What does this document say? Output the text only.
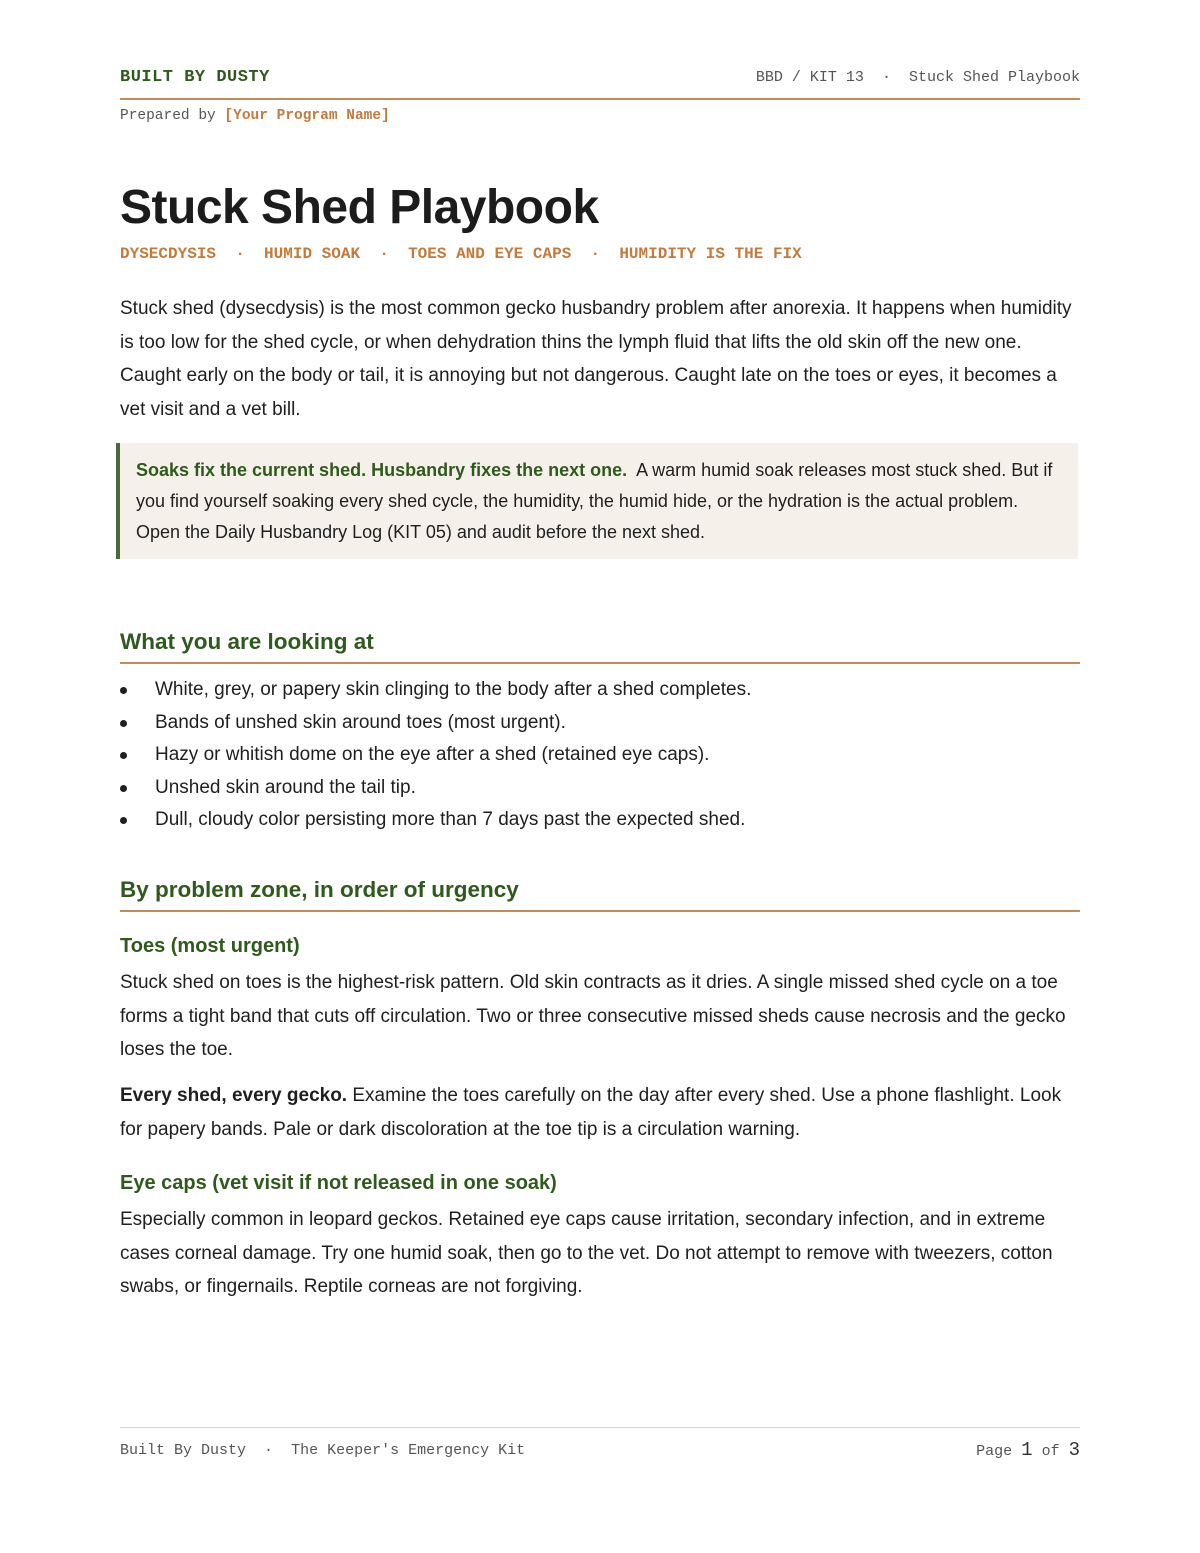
BUILT BY DUSTY	BBD / KIT 13 · Stuck Shed Playbook
Prepared by [Your Program Name]
Stuck Shed Playbook
DYSECDYSIS · HUMID SOAK · TOES AND EYE CAPS · HUMIDITY IS THE FIX

Stuck shed (dysecdysis) is the most common gecko husbandry problem after anorexia. It happens when humidity is too low for the shed cycle, or when dehydration thins the lymph fluid that lifts the old skin off the new one. Caught early on the body or tail, it is annoying but not dangerous. Caught late on the toes or eyes, it becomes a vet visit and a vet bill.

Soaks fix the current shed. Husbandry fixes the next one. A warm humid soak releases most stuck shed. But if you find yourself soaking every shed cycle, the humidity, the humid hide, or the hydration is the actual problem. Open the Daily Husbandry Log (KIT 05) and audit before the next shed.

What you are looking at
White, grey, or papery skin clinging to the body after a shed completes.
Bands of unshed skin around toes (most urgent).
Hazy or whitish dome on the eye after a shed (retained eye caps).
Unshed skin around the tail tip.
Dull, cloudy color persisting more than 7 days past the expected shed.
By problem zone, in order of urgency
Toes (most urgent)

Stuck shed on toes is the highest-risk pattern. Old skin contracts as it dries. A single missed shed cycle on a toe forms a tight band that cuts off circulation. Two or three consecutive missed sheds cause necrosis and the gecko loses the toe.

Every shed, every gecko. Examine the toes carefully on the day after every shed. Use a phone flashlight. Look for papery bands. Pale or dark discoloration at the toe tip is a circulation warning.

Eye caps (vet visit if not released in one soak)

Especially common in leopard geckos. Retained eye caps cause irritation, secondary infection, and in extreme cases corneal damage. Try one humid soak, then go to the vet. Do not attempt to remove with tweezers, cotton swabs, or fingernails. Reptile corneas are not forgiving.

Built By Dusty · The Keeper's Emergency Kit	Page 1 of 3
